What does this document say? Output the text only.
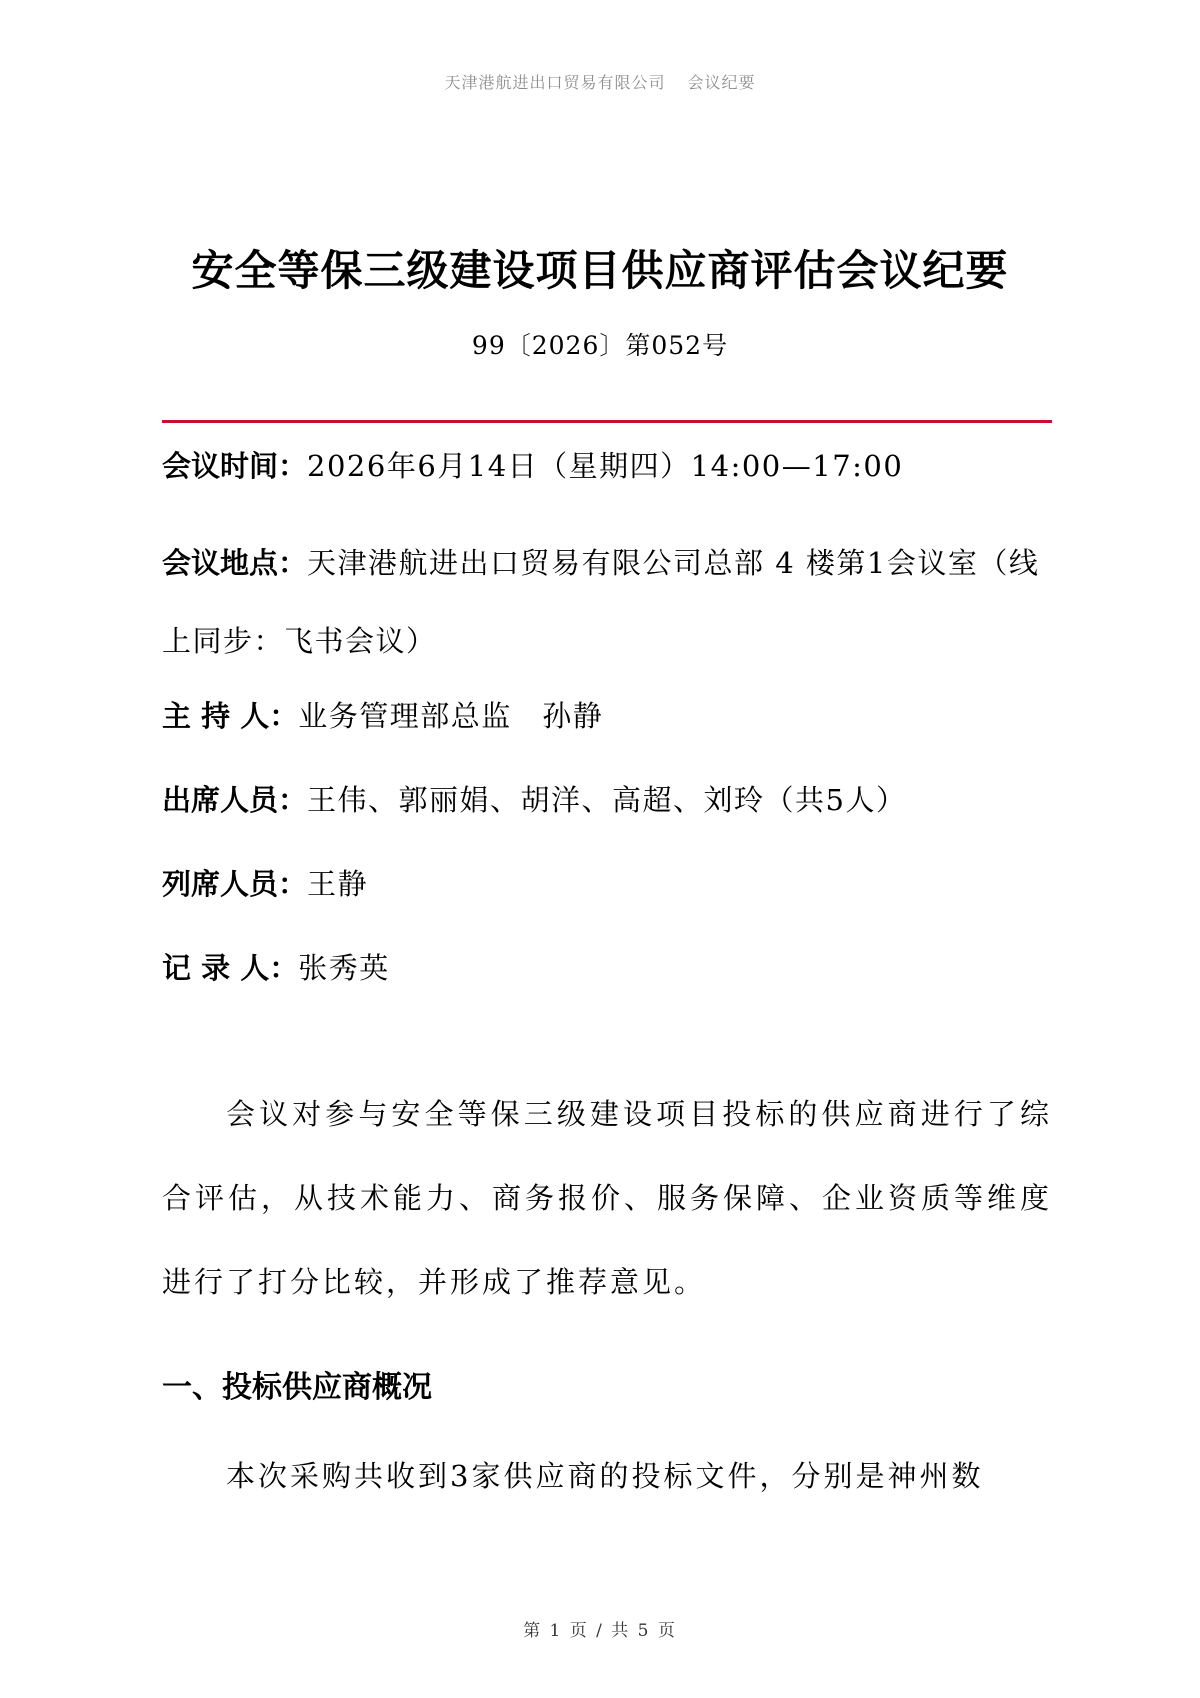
天津港航进出口贸易有限公司 会议纪要
安全等保三级建设项目供应商评估会议纪要
99〔2026〕第052号
会议时间：2026年6月14日（星期四）14:00—17:00
会议地点：天津港航进出口贸易有限公司总部 4 楼第1会议室（线上同步：飞书会议）
主 持 人：业务管理部总监　孙静
出席人员：王伟、郭丽娟、胡洋、高超、刘玲（共5人）
列席人员：王静
记 录 人：张秀英
会议对参与安全等保三级建设项目投标的供应商进行了综合评估，从技术能力、商务报价、服务保障、企业资质等维度进行了打分比较，并形成了推荐意见。
一、投标供应商概况
本次采购共收到3家供应商的投标文件，分别是神州数
第 1 页 / 共 5 页
